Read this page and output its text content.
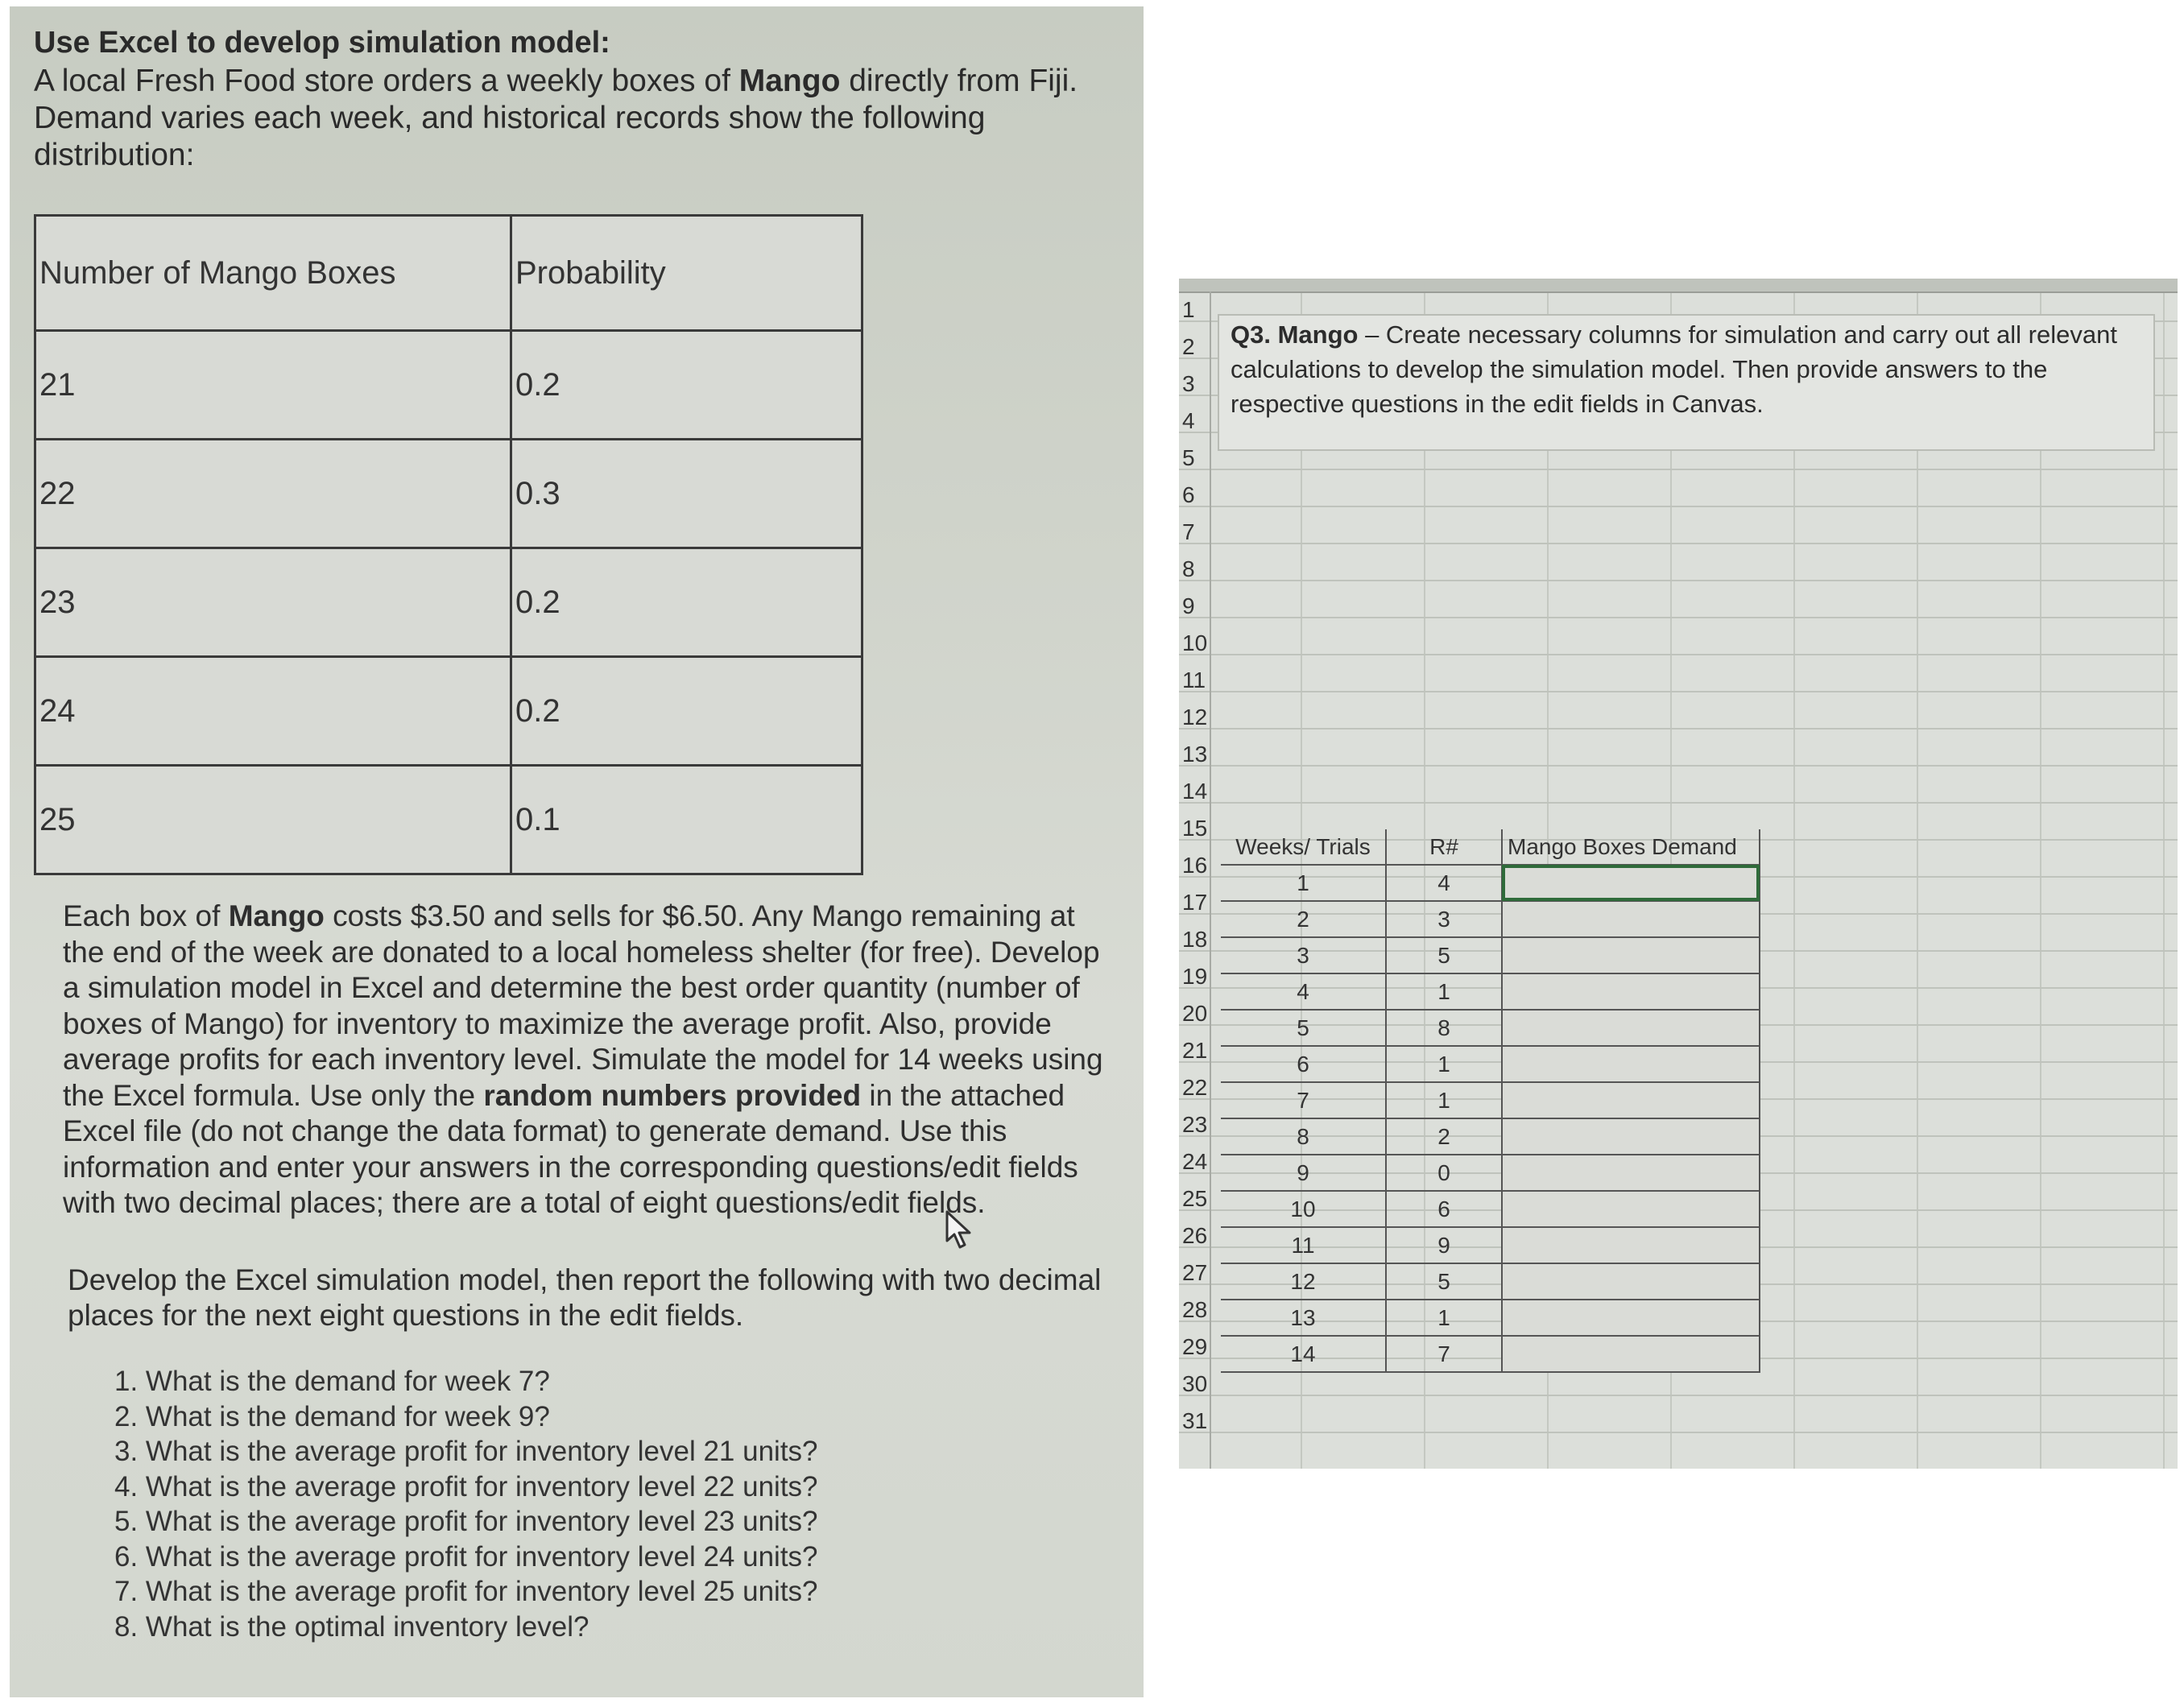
Use Excel to develop simulation model:
A local Fresh Food store orders a weekly boxes of Mango directly from Fiji. Demand varies each week, and historical records show the following distribution:
Number of Mango Boxes	Probability
21	0.2
22	0.3
23	0.2
24	0.2
25	0.1
Each box of Mango costs $3.50 and sells for $6.50. Any Mango remaining at the end of the week are donated to a local homeless shelter (for free). Develop a simulation model in Excel and determine the best order quantity (number of boxes of Mango) for inventory to maximize the average profit. Also, provide average profits for each inventory level. Simulate the model for 14 weeks using the Excel formula. Use only the random numbers provided in the attached Excel file (do not change the data format) to generate demand. Use this information and enter your answers in the corresponding questions/edit fields with two decimal places; there are a total of eight questions/edit fields.
Develop the Excel simulation model, then report the following with two decimal places for the next eight questions in the edit fields.
1. What is the demand for week 7?
2. What is the demand for week 9?
3. What is the average profit for inventory level 21 units?
4. What is the average profit for inventory level 22 units?
5. What is the average profit for inventory level 23 units?
6. What is the average profit for inventory level 24 units?
7. What is the average profit for inventory level 25 units?
8. What is the optimal inventory level?
1
2
3
4
5
6
7
8
9
10
11
12
13
14
15
16
17
18
19
20
21
22
23
24
25
26
27
28
29
30
31
Q3. Mango – Create necessary columns for simulation and carry out all relevant calculations to develop the simulation model. Then provide answers to the respective questions in the edit fields in Canvas.
Weeks/ Trials	R#	Mango Boxes Demand
1	4	
2	3	
3	5	
4	1	
5	8	
6	1	
7	1	
8	2	
9	0	
10	6	
11	9	
12	5	
13	1	
14	7	
